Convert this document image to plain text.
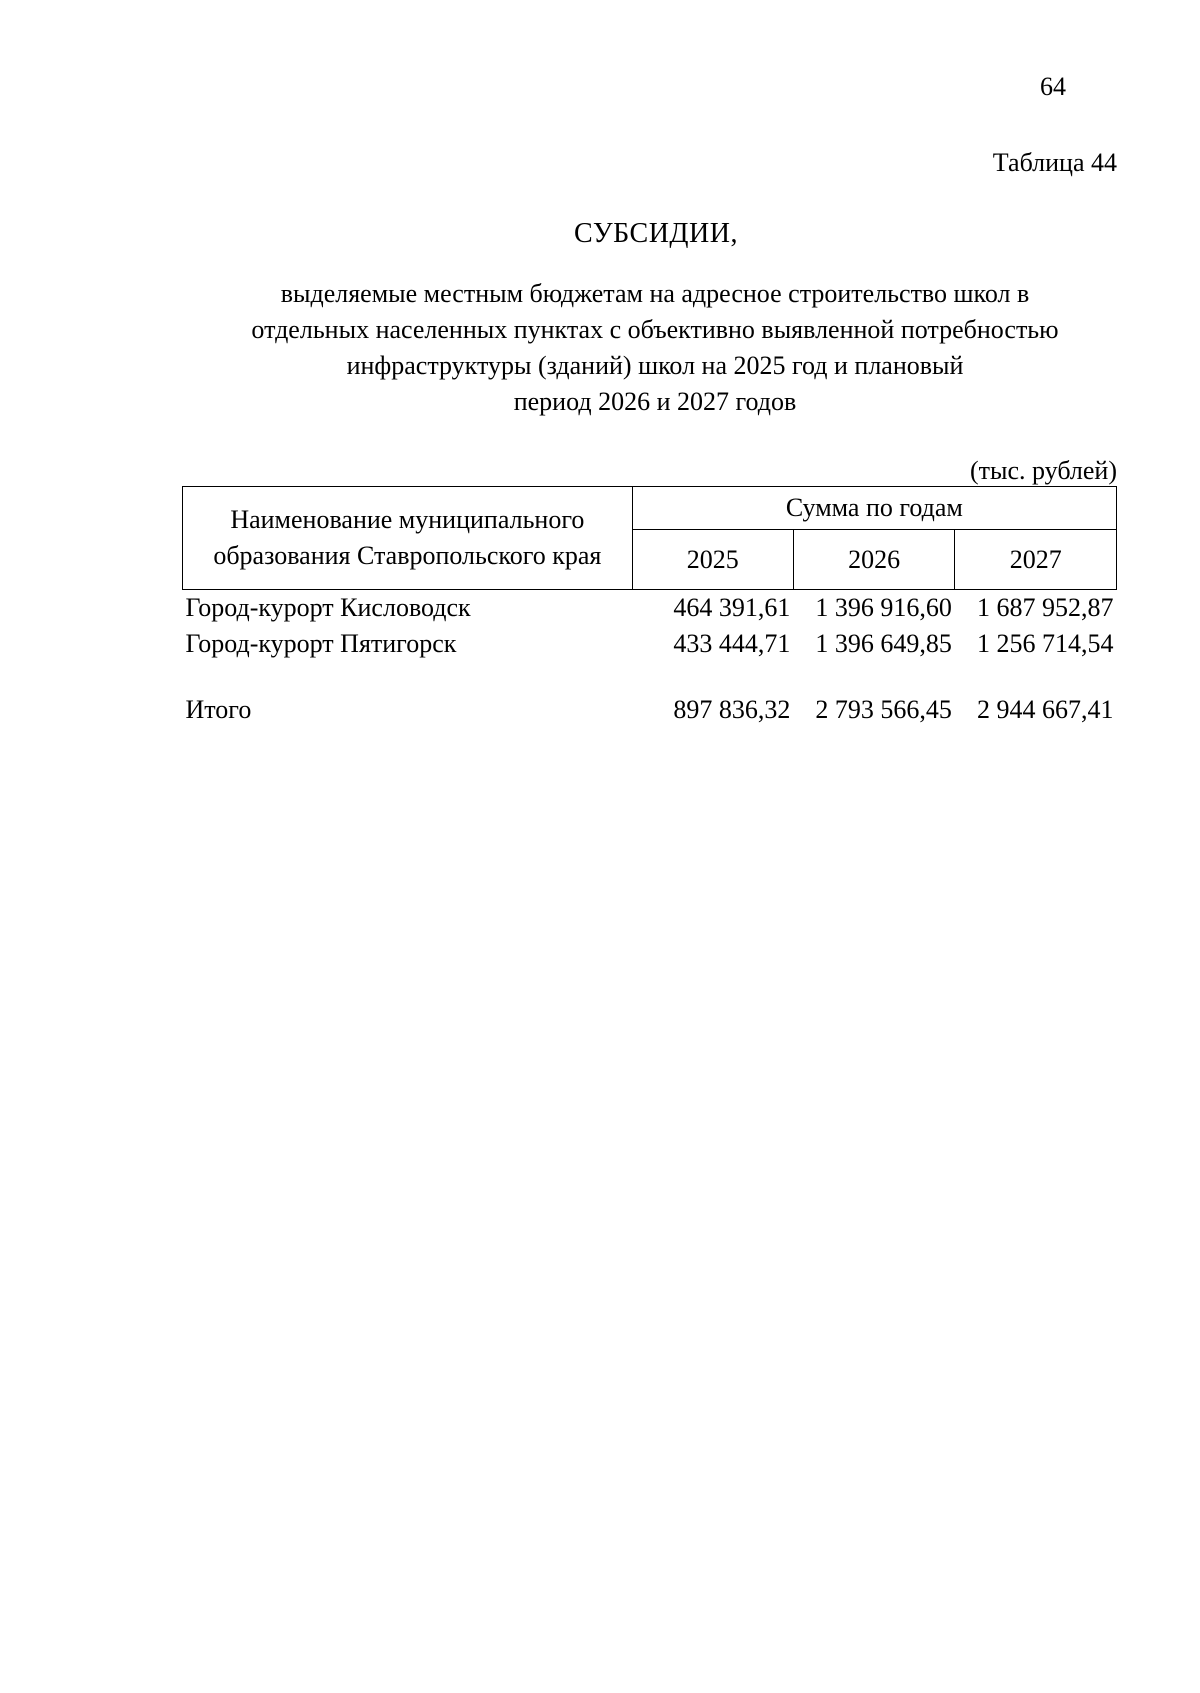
64
Таблица 44
СУБСИДИИ,
выделяемые местным бюджетам на адресное строительство школ в
отдельных населенных пунктах с объективно выявленной потребностью
инфраструктуры (зданий) школ на 2025 год и плановый
период 2026 и 2027 годов
(тыс. рублей)
Наименование муниципального образования Ставропольского края	Сумма по годам		
	2025	2026	2027
Город-курорт Кисловодск	464 391,61	1 396 916,60	1 687 952,87
Город-курорт Пятигорск	433 444,71	1 396 649,85	1 256 714,54

Итого	897 836,32	2 793 566,45	2 944 667,41
